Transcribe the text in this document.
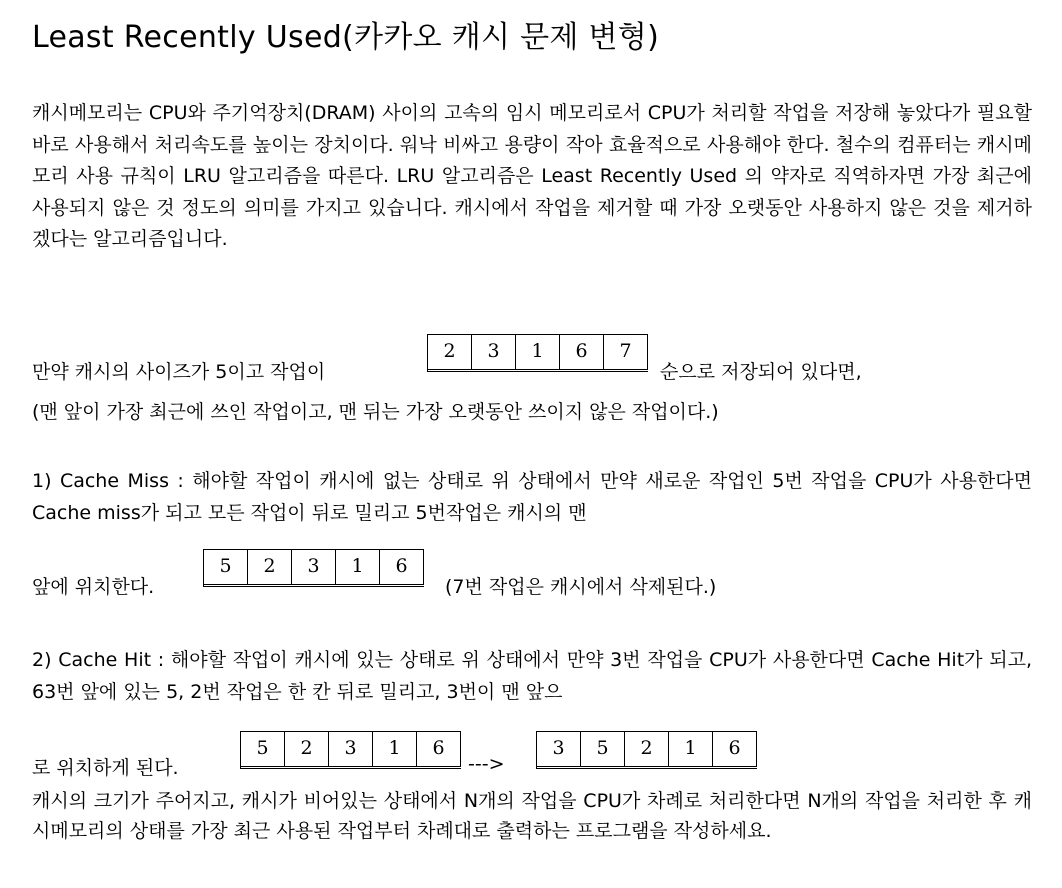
Least Recently Used(카카오 캐시 문제 변형)
캐시메모리는 CPU와 주기억장치(DRAM) 사이의 고속의 임시 메모리로서 CPU가 처리할 작업을 저장해 놓았다가 필요할 바로 사용해서 처리속도를 높이는 장치이다. 워낙 비싸고 용량이 작아 효율적으로 사용해야 한다. 철수의 컴퓨터는 캐시메모리 사용 규칙이 LRU 알고리즘을 따른다. LRU 알고리즘은 Least Recently Used 의 약자로 직역하자면 가장 최근에 사용되지 않은 것 정도의 의미를 가지고 있습니다. 캐시에서 작업을 제거할 때 가장 오랫동안 사용하지 않은 것을 제거하겠다는 알고리즘입니다.
만약 캐시의 사이즈가 5이고 작업이
2	3	1	6	7
순으로 저장되어 있다면,
(맨 앞이 가장 최근에 쓰인 작업이고, 맨 뒤는 가장 오랫동안 쓰이지 않은 작업이다.)
1) Cache Miss : 해야할 작업이 캐시에 없는 상태로 위 상태에서 만약 새로운 작업인 5번 작업을 CPU가 사용한다면 Cache miss가 되고 모든 작업이 뒤로 밀리고 5번작업은 캐시의 맨
앞에 위치한다.
5	2	3	1	6
(7번 작업은 캐시에서 삭제된다.)
2) Cache Hit : 해야할 작업이 캐시에 있는 상태로 위 상태에서 만약 3번 작업을 CPU가 사용한다면 Cache Hit가 되고, 63번 앞에 있는 5, 2번 작업은 한 칸 뒤로 밀리고, 3번이 맨 앞으
로 위치하게 된다.
5	2	3	1	6
--->
3	5	2	1	6
캐시의 크기가 주어지고, 캐시가 비어있는 상태에서 N개의 작업을 CPU가 차례로 처리한다면 N개의 작업을 처리한 후 캐시메모리의 상태를 가장 최근 사용된 작업부터 차례대로 출력하는 프로그램을 작성하세요.
